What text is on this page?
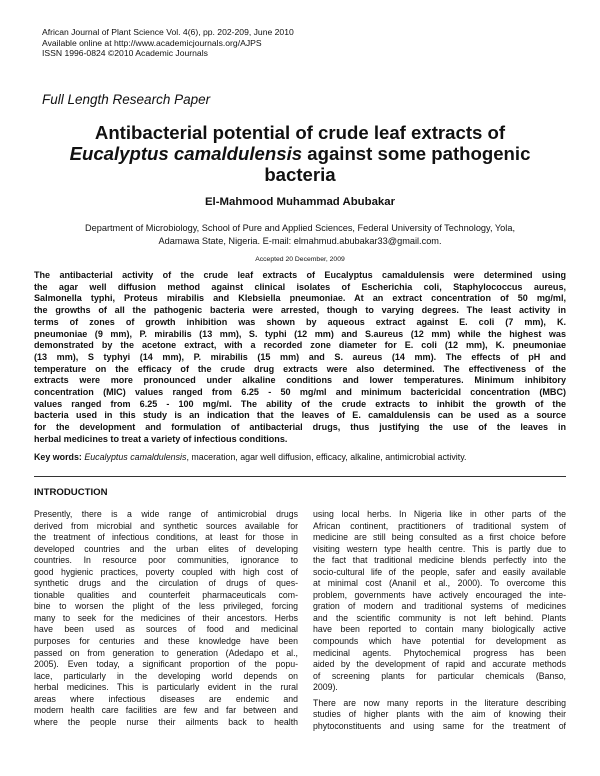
African Journal of Plant Science Vol. 4(6), pp. 202-209, June 2010
Available online at http://www.academicjournals.org/AJPS
ISSN 1996-0824 ©2010 Academic Journals
Full Length Research Paper
Antibacterial potential of crude leaf extracts of
Eucalyptus camaldulensis against some pathogenic
bacteria
El-Mahmood Muhammad Abubakar
Department of Microbiology, School of Pure and Applied Sciences, Federal University of Technology, Yola,
Adamawa State, Nigeria. E-mail: elmahmud.abubakar33@gmail.com.
Accepted 20 December, 2009
The antibacterial activity of the crude leaf extracts of Eucalyptus camaldulensis were determined using
the agar well diffusion method against clinical isolates of Escherichia coli, Staphylococcus aureus,
Salmonella typhi, Proteus mirabilis and Klebsiella pneumoniae. At an extract concentration of 50 mg/ml,
the growths of all the pathogenic bacteria were arrested, though to varying degrees. The least activity in
terms of zones of growth inhibition was shown by aqueous extract against E. coli (7 mm), K.
pneumoniae (9 mm), P. mirabilis (13 mm), S. typhi (12 mm) and S.aureus (12 mm) while the highest was
demonstrated by the acetone extract, with a recorded zone diameter for E. coli (12 mm), K. pneumoniae
(13 mm), S typhyi (14 mm), P. mirabilis (15 mm) and S. aureus (14 mm). The effects of pH and
temperature on the efficacy of the crude drug extracts were also determined. The effectiveness of the
extracts were more pronounced under alkaline conditions and lower temperatures. Minimum inhibitory
concentration (MIC) values ranged from 6.25 - 50 mg/ml and minimum bactericidal concentration (MBC)
values ranged from 6.25 - 100 mg/ml. The ability of the crude extracts to inhibit the growth of the
bacteria used in this study is an indication that the leaves of E. camaldulensis can be used as a source
for the development and formulation of antibacterial drugs, thus justifying the use of the leaves in
herbal medicines to treat a variety of infectious conditions.
Key words: Eucalyptus camaldulensis, maceration, agar well diffusion, efficacy, alkaline, antimicrobial activity.
INTRODUCTION
Presently, there is a wide range of antimicrobial drugs
derived from microbial and synthetic sources available for
the treatment of infectious conditions, at least for those in
developed countries and the urban elites of developing
countries. In resource poor communities, ignorance to
good hygienic practices, poverty coupled with high cost of
synthetic drugs and the circulation of drugs of ques-
tionable qualities and counterfeit pharmaceuticals com-
bine to worsen the plight of the less privileged, forcing
many to seek for the medicines of their ancestors. Herbs
have been used as sources of food and medicinal
purposes for centuries and these knowledge have been
passed on from generation to generation (Adedapo et al.,
2005). Even today, a significant proportion of the popu-
lace, particularly in the developing world depends on
herbal medicines. This is particularly evident in the rural
areas where infectious diseases are endemic and
modern health care facilities are few and far between and
where the people nurse their ailments back to health
using local herbs. In Nigeria like in other parts of the
African continent, practitioners of traditional system of
medicine are still being consulted as a first choice before
visiting western type health centre. This is partly due to
the fact that traditional medicine blends perfectly into the
socio-cultural life of the people, safer and easily available
at minimal cost (Ananil et al., 2000). To overcome this
problem, governments have actively encouraged the inte-
gration of modern and traditional systems of medicines
and the scientific community is not left behind. Plants
have been reported to contain many biologically active
compounds which have potential for development as
medicinal agents. Phytochemical progress has been
aided by the development of rapid and accurate methods
of screening plants for particular chemicals (Banso,
2009).
There are now many reports in the literature describing
studies of higher plants with the aim of knowing their
phytoconstituents and using same for the treatment of
